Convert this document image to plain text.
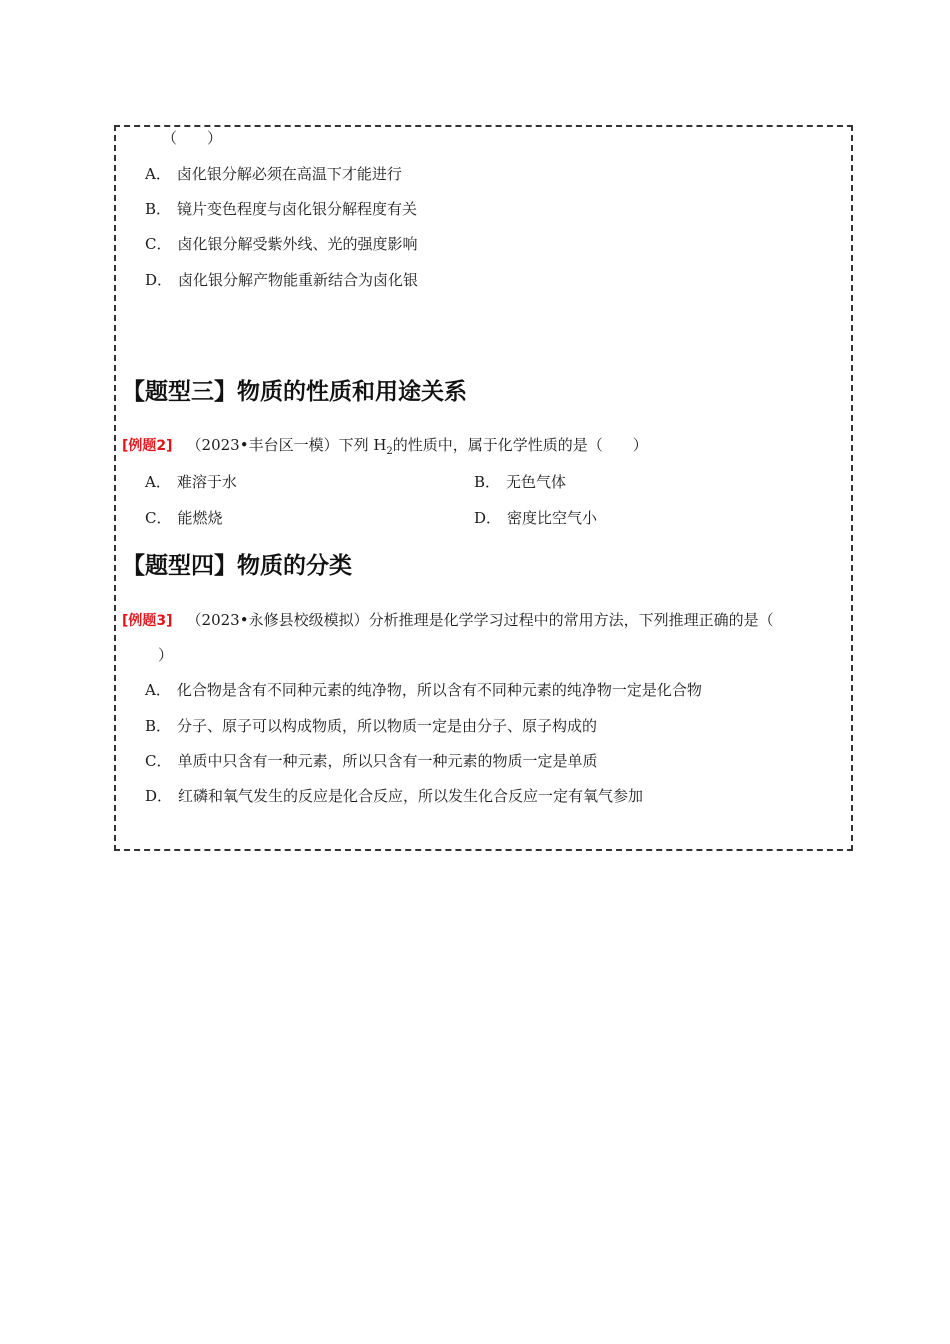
（　　）
A． 卤化银分解必须在高温下才能进行
B． 镜片变色程度与卤化银分解程度有关
C． 卤化银分解受紫外线、光的强度影响
D． 卤化银分解产物能重新结合为卤化银
【题型三】物质的性质和用途关系
[例题2] （2023•丰台区一模）下列 $H_2$的性质中，属于化学性质的是（　　）
A． 难溶于水	B． 无色气体
C． 能燃烧	D． 密度比空气小
【题型四】物质的分类
[例题3] （2023•永修县校级模拟）分析推理是化学学习过程中的常用方法，下列推理正确的是（
）
A． 化合物是含有不同种元素的纯净物，所以含有不同种元素的纯净物一定是化合物
B． 分子、原子可以构成物质，所以物质一定是由分子、原子构成的
C． 单质中只含有一种元素，所以只含有一种元素的物质一定是单质
D． 红磷和氧气发生的反应是化合反应，所以发生化合反应一定有氧气参加
